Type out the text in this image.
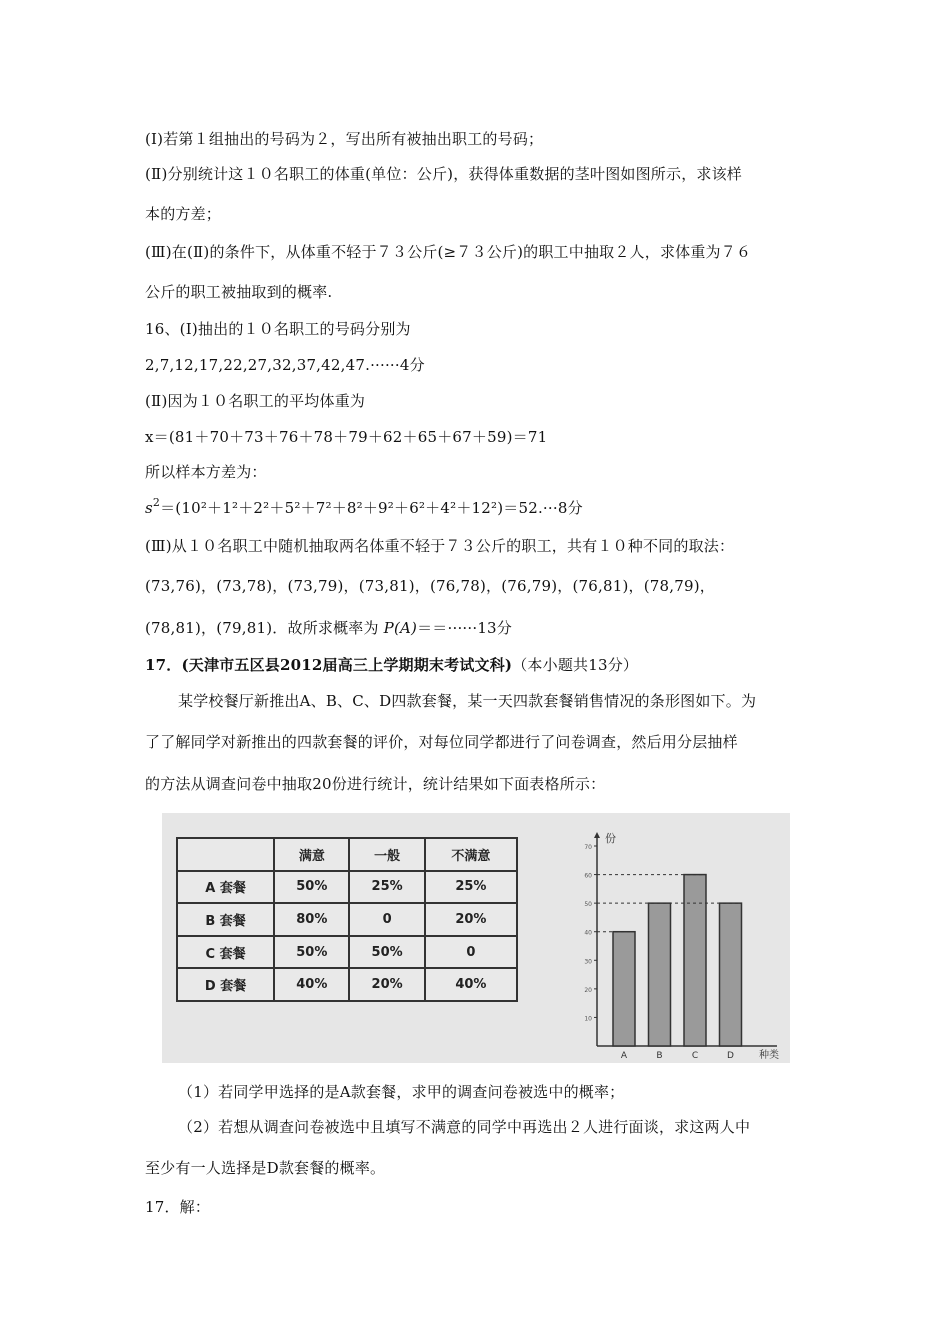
(Ⅰ)若第１组抽出的号码为２，写出所有被抽出职工的号码；
(Ⅱ)分别统计这１０名职工的体重(单位：公斤)，获得体重数据的茎叶图如图所示，求该样
本的方差；
(Ⅲ)在(Ⅱ)的条件下，从体重不轻于７３公斤(≥７３公斤)的职工中抽取２人，求体重为７６
公斤的职工被抽取到的概率.
16、(Ⅰ)抽出的１０名职工的号码分别为
2,7,12,17,22,27,32,37,42,47.······4分
(Ⅱ)因为１０名职工的平均体重为
x＝(81＋70＋73＋76＋78＋79＋62＋65＋67＋59)＝71
所以样本方差为：
$s^2=(10^2+1^2+2^2+5^2+7^2+8^2+9^2+6^2+4^2+12^2)=52.\cdot\cdot\cdot 8$分
(Ⅲ)从１０名职工中随机抽取两名体重不轻于７３公斤的职工，共有１０种不同的取法：
(73,76)，(73,78)，(73,79)，(73,81)，(76,78)，(76,79)，(76,81)，(78,79)，
(78,81)，(79,81)．故所求概率为 P(A)＝＝······13分
17．(天津市五区县2012届高三上学期期末考试文科)（本小题共13分）
某学校餐厅新推出A、B、C、D四款套餐，某一天四款套餐销售情况的条形图如下。为
了了解同学对新推出的四款套餐的评价，对每位同学都进行了问卷调查，然后用分层抽样
的方法从调查问卷中抽取20份进行统计，统计结果如下面表格所示：
	满意	一般	不满意
A 套餐	50%	25%	25%
B 套餐	80%	0	20%
C 套餐	50%	50%	0
D 套餐	40%	20%	40%
份
10
20
30
40
50
60
70
A	B	C	D	种类
（1）若同学甲选择的是A款套餐，求甲的调查问卷被选中的概率；
（2）若想从调查问卷被选中且填写不满意的同学中再选出２人进行面谈，求这两人中
至少有一人选择是D款套餐的概率。
17．解：
